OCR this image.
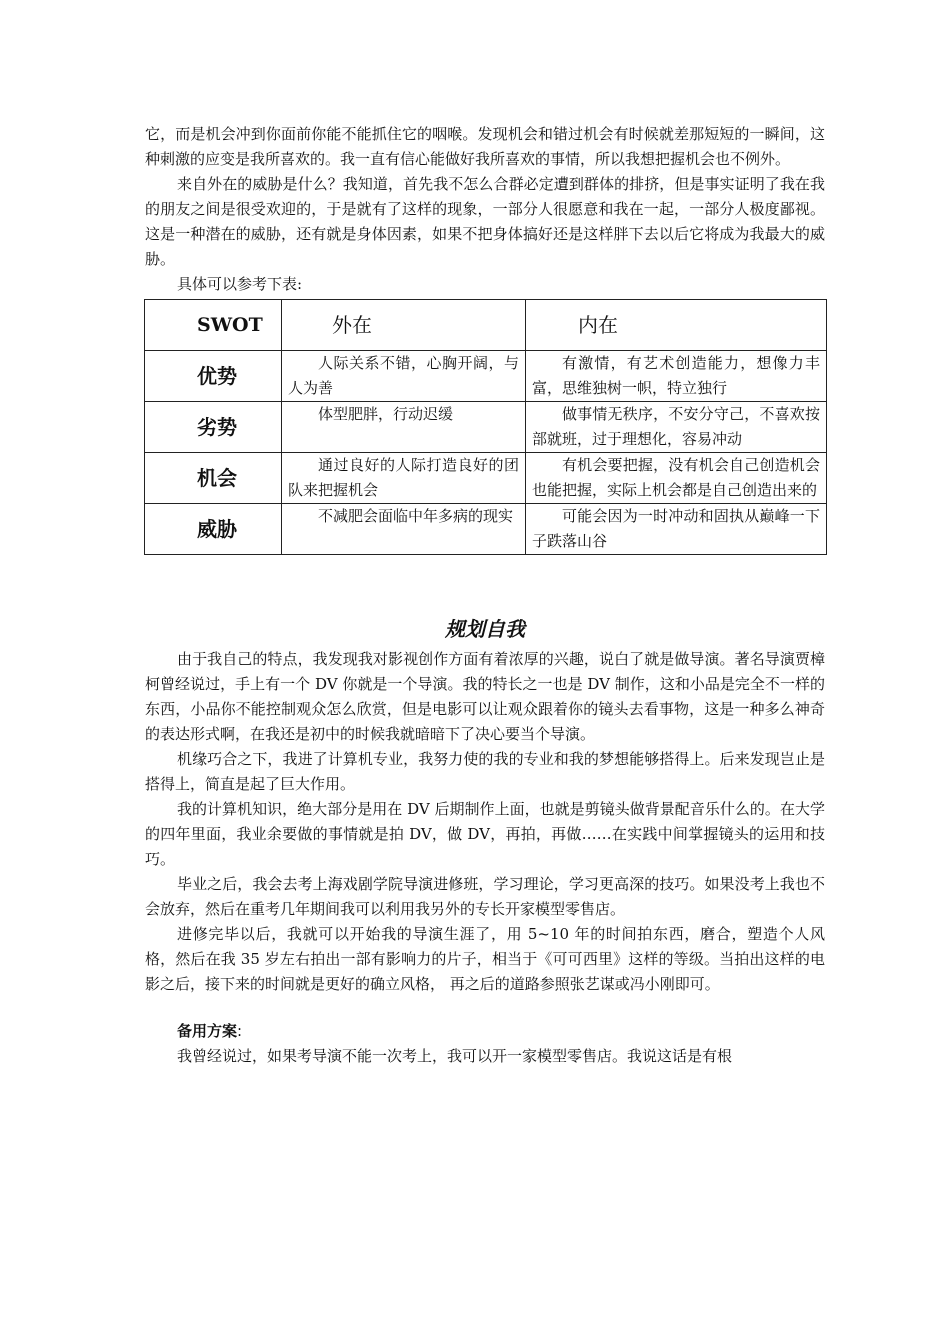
它，而是机会冲到你面前你能不能抓住它的咽喉。发现机会和错过机会有时候就差那短短的一瞬间，这种刺激的应变是我所喜欢的。我一直有信心能做好我所喜欢的事情，所以我想把握机会也不例外。

来自外在的威胁是什么？我知道，首先我不怎么合群必定遭到群体的排挤，但是事实证明了我在我的朋友之间是很受欢迎的，于是就有了这样的现象，一部分人很愿意和我在一起，一部分人极度鄙视。这是一种潜在的威胁，还有就是身体因素，如果不把身体搞好还是这样胖下去以后它将成为我最大的威胁。

具体可以参考下表:

SWOT	外在	内在
优势	人际关系不错，心胸开阔，与人为善	有激情，有艺术创造能力，想像力丰富，思维独树一帜，特立独行

劣势	体型肥胖，行动迟缓	做事情无秩序，不安分守己，不喜欢按部就班，过于理想化，容易冲动

机会	通过良好的人际打造良好的团队来把握机会	有机会要把握，没有机会自己创造机会也能把握，实际上机会都是自己创造出来的

威胁	不减肥会面临中年多病的现实	可能会因为一时冲动和固执从巅峰一下子跌落山谷
规划自我

由于我自己的特点，我发现我对影视创作方面有着浓厚的兴趣，说白了就是做导演。著名导演贾樟柯曾经说过，手上有一个 DV 你就是一个导演。我的特长之一也是 DV 制作，这和小品是完全不一样的东西，小品你不能控制观众怎么欣赏，但是电影可以让观众跟着你的镜头去看事物，这是一种多么神奇的表达形式啊，在我还是初中的时候我就暗暗下了决心要当个导演。

机缘巧合之下，我进了计算机专业，我努力使的我的专业和我的梦想能够搭得上。后来发现岂止是搭得上，简直是起了巨大作用。

我的计算机知识，绝大部分是用在 DV 后期制作上面，也就是剪镜头做背景配音乐什么的。在大学的四年里面，我业余要做的事情就是拍 DV，做 DV，再拍，再做……在实践中间掌握镜头的运用和技巧。

毕业之后，我会去考上海戏剧学院导演进修班，学习理论，学习更高深的技巧。如果没考上我也不会放弃，然后在重考几年期间我可以利用我另外的专长开家模型零售店。

进修完毕以后，我就可以开始我的导演生涯了，用 5~10 年的时间拍东西，磨合，塑造个人风格，然后在我 35 岁左右拍出一部有影响力的片子，相当于《可可西里》这样的等级。当拍出这样的电影之后，接下来的时间就是更好的确立风格， 再之后的道路参照张艺谋或冯小刚即可。

备用方案:

我曾经说过，如果考导演不能一次考上，我可以开一家模型零售店。我说这话是有根
